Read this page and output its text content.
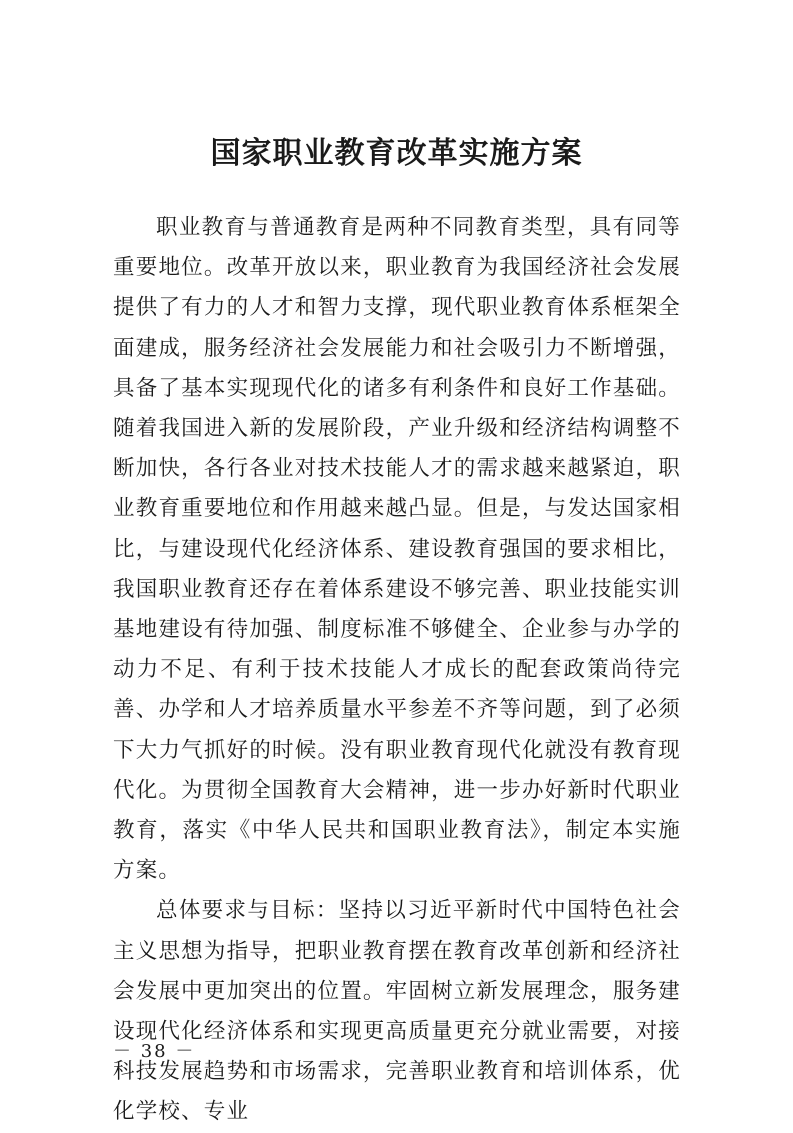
国家职业教育改革实施方案

职业教育与普通教育是两种不同教育类型，具有同等重要地位。改革开放以来，职业教育为我国经济社会发展提供了有力的人才和智力支撑，现代职业教育体系框架全面建成，服务经济社会发展能力和社会吸引力不断增强，具备了基本实现现代化的诸多有利条件和良好工作基础。随着我国进入新的发展阶段，产业升级和经济结构调整不断加快，各行各业对技术技能人才的需求越来越紧迫，职业教育重要地位和作用越来越凸显。但是，与发达国家相比，与建设现代化经济体系、建设教育强国的要求相比，我国职业教育还存在着体系建设不够完善、职业技能实训基地建设有待加强、制度标准不够健全、企业参与办学的动力不足、有利于技术技能人才成长的配套政策尚待完善、办学和人才培养质量水平参差不齐等问题，到了必须下大力气抓好的时候。没有职业教育现代化就没有教育现代化。为贯彻全国教育大会精神，进一步办好新时代职业教育，落实《中华人民共和国职业教育法》，制定本实施方案。

总体要求与目标：坚持以习近平新时代中国特色社会主义思想为指导，把职业教育摆在教育改革创新和经济社会发展中更加突出的位置。牢固树立新发展理念，服务建设现代化经济体系和实现更高质量更充分就业需要，对接科技发展趋势和市场需求，完善职业教育和培训体系，优化学校、专业

－ 38 －
